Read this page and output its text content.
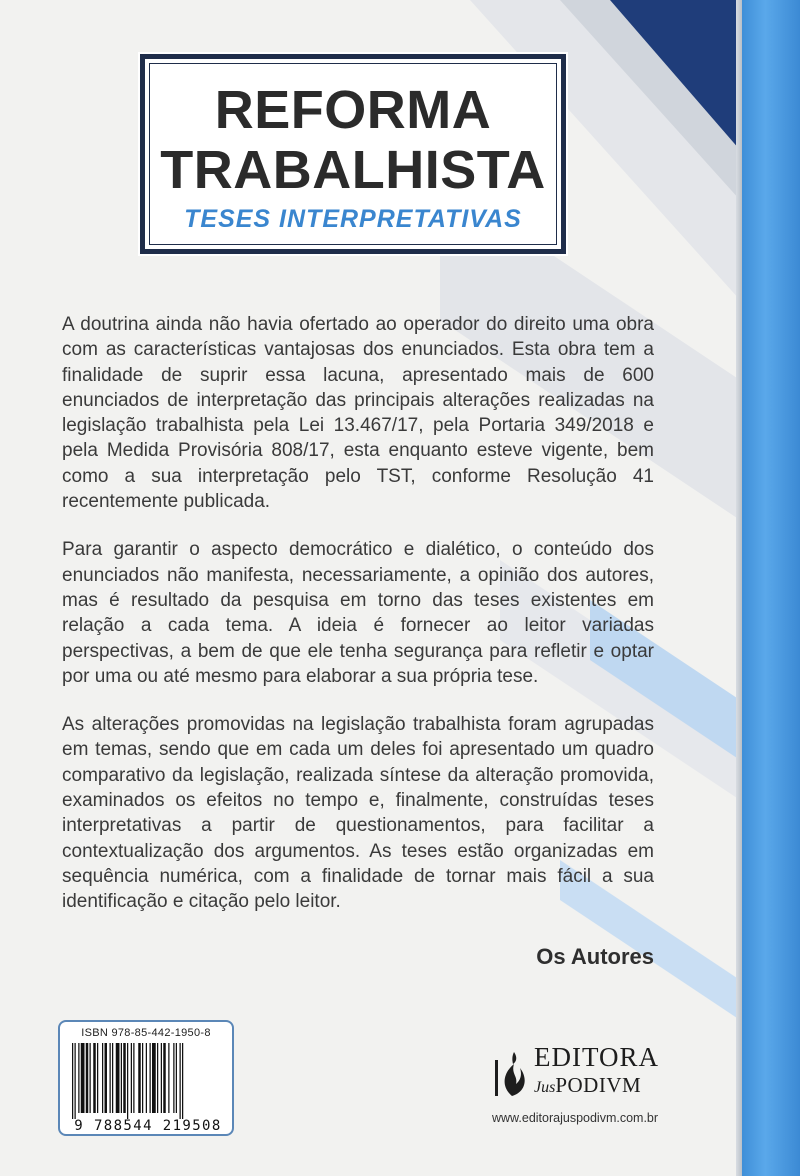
REFORMA
TRABALHISTA
TESES INTERPRETATIVAS

A doutrina ainda não havia ofertado ao operador do direito uma obra com as características vantajosas dos enunciados. Esta obra tem a finalidade de suprir essa lacuna, apresentado mais de 600 enunciados de interpretação das principais alterações realizadas na legislação trabalhista pela Lei 13.467/17, pela Portaria 349/2018 e pela Medida Provisória 808/17, esta enquanto esteve vigente, bem como a sua interpretação pelo TST, conforme Resolução 41 recentemente publicada.

Para garantir o aspecto democrático e dialético, o conteúdo dos enunciados não manifesta, necessariamente, a opinião dos autores, mas é resultado da pesquisa em torno das teses existentes em relação a cada tema. A ideia é fornecer ao leitor variadas perspectivas, a bem de que ele tenha segurança para refletir e optar por uma ou até mesmo para elaborar a sua própria tese.

As alterações promovidas na legislação trabalhista foram agrupadas em temas, sendo que em cada um deles foi apresentado um quadro comparativo da legislação, realizada síntese da alteração promovida, examinados os efeitos no tempo e, finalmente, construídas teses interpretativas a partir de questionamentos, para facilitar a contextualização dos argumentos. As teses estão organizadas em sequência numérica, com a finalidade de tornar mais fácil a sua identificação e citação pelo leitor.

Os Autores
ISBN 978-85-442-1950-8
9 788544 219508
EDITORA
JusPODIVM
www.editorajuspodivm.com.br
